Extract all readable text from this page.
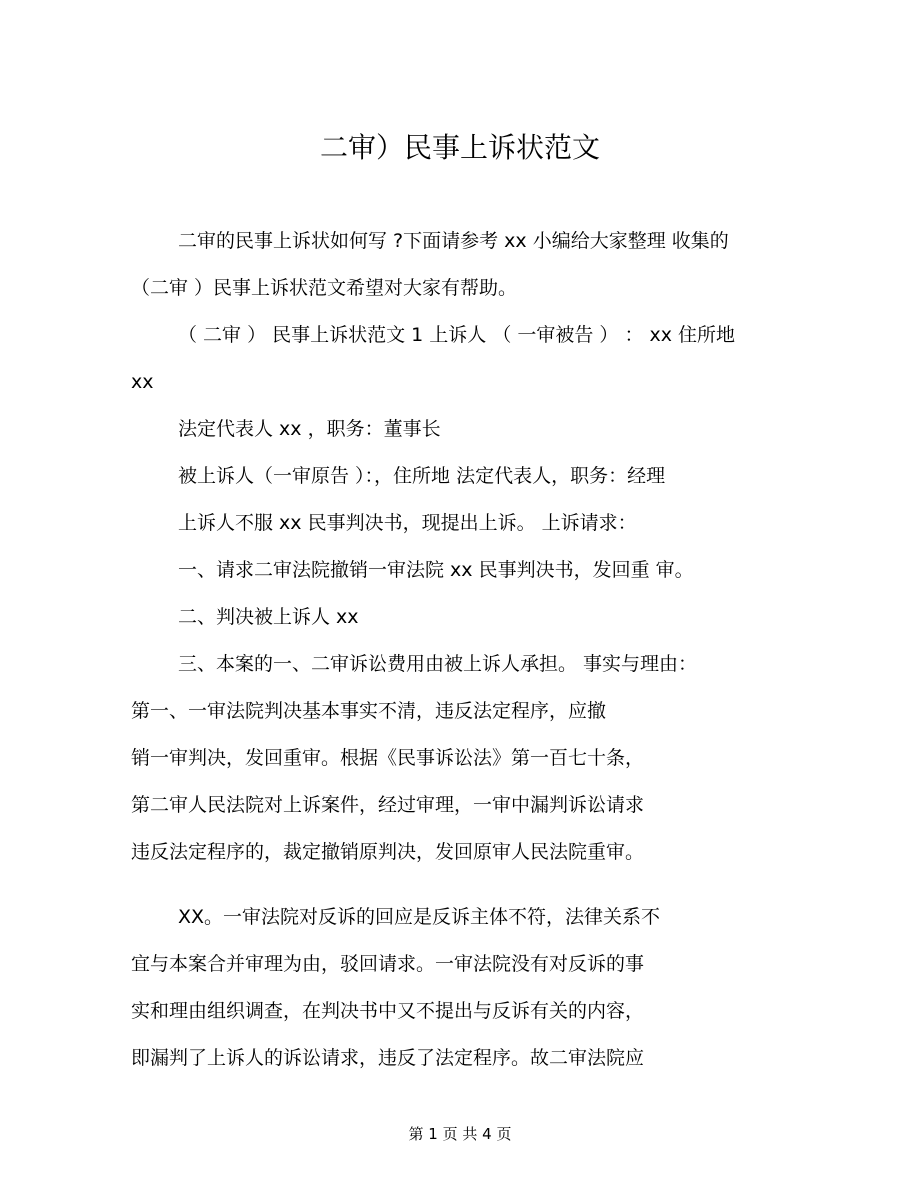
二审）民事上诉状范文
二审的民事上诉状如何写 ?下面请参考 xx 小编给大家整理 收集的
（二审 ）民事上诉状范文希望对大家有帮助。
（ 二审 ） 民事上诉状范文 1 上诉人 （ 一审被告 ） ： xx 住所地
xx
法定代表人 xx ，职务：董事长
被上诉人（一审原告 ）：，住所地 法定代表人，职务：经理
上诉人不服 xx 民事判决书，现提出上诉。 上诉请求：
一、请求二审法院撤销一审法院 xx 民事判决书，发回重 审。
二、判决被上诉人 xx
三、本案的一、二审诉讼费用由被上诉人承担。 事实与理由：
第一、一审法院判决基本事实不清，违反法定程序，应撤
销一审判决，发回重审。根据《民事诉讼法》第一百七十条，
第二审人民法院对上诉案件，经过审理，一审中漏判诉讼请求
违反法定程序的，裁定撤销原判决，发回原审人民法院重审。
XX。一审法院对反诉的回应是反诉主体不符，法律关系不
宜与本案合并审理为由，驳回请求。一审法院没有对反诉的事
实和理由组织调查，在判决书中又不提出与反诉有关的内容，
即漏判了上诉人的诉讼请求，违反了法定程序。故二审法院应
第 1 页 共 4 页
